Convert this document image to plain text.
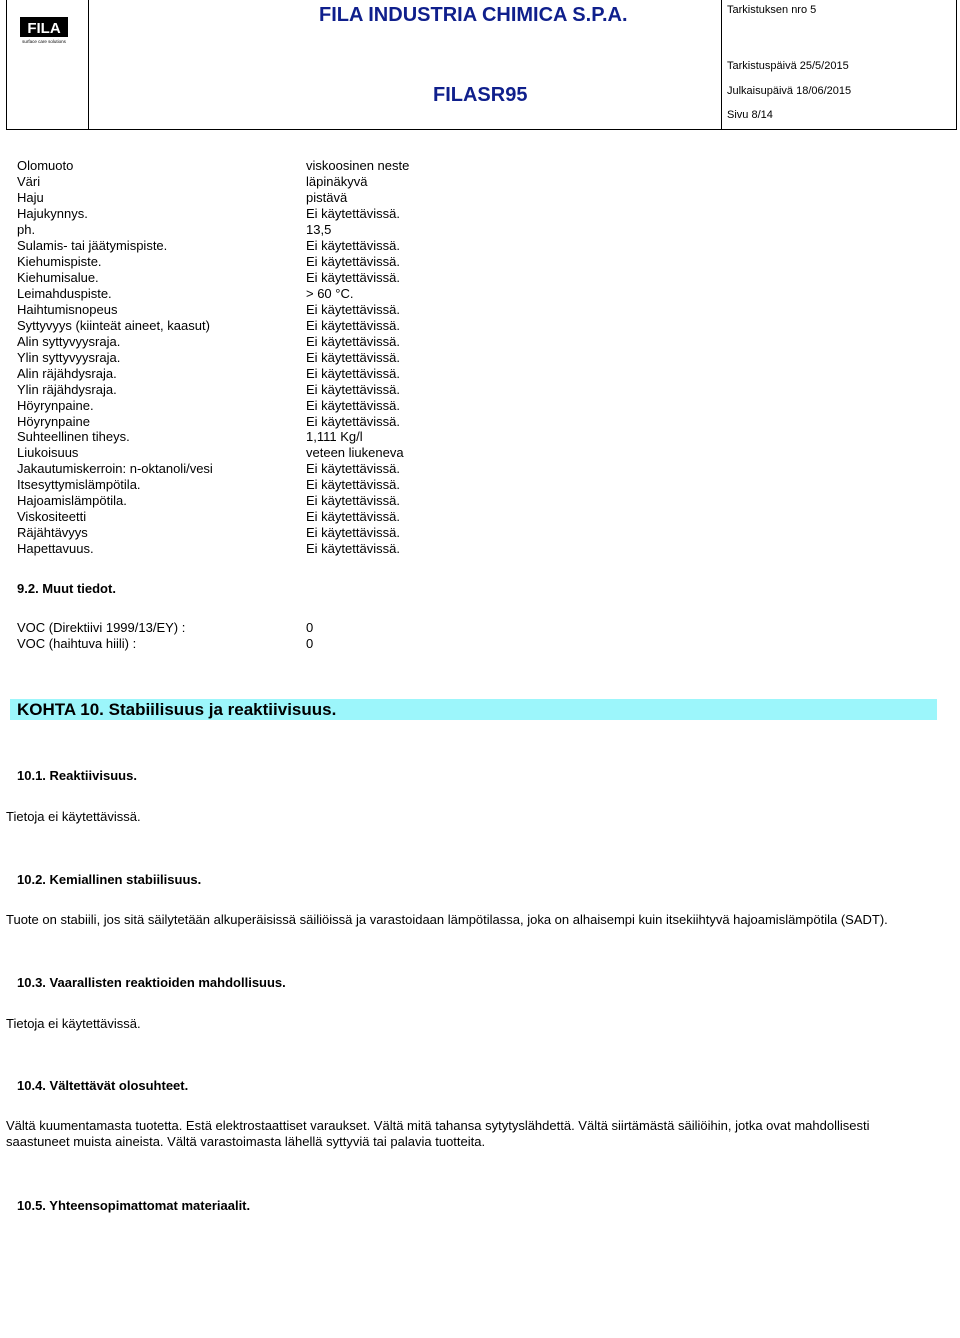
FILA
surface care solutions
FILA INDUSTRIA CHIMICA S.P.A.
FILASR95
Tarkistuksen nro 5
Tarkistuspäivä 25/5/2015
Julkaisupäivä 18/06/2015
Sivu 8/14
Olomuoto	viskoosinen neste
Väri	läpinäkyvä
Haju	pistävä
Hajukynnys.	Ei käytettävissä.
ph.	13,5
Sulamis- tai jäätymispiste.	Ei käytettävissä.
Kiehumispiste.	Ei käytettävissä.
Kiehumisalue.	Ei käytettävissä.
Leimahduspiste.	> 60 °C.
Haihtumisnopeus	Ei käytettävissä.
Syttyvyys (kiinteät aineet, kaasut)	Ei käytettävissä.
Alin syttyvyysraja.	Ei käytettävissä.
Ylin syttyvyysraja.	Ei käytettävissä.
Alin räjähdysraja.	Ei käytettävissä.
Ylin räjähdysraja.	Ei käytettävissä.
Höyrynpaine.	Ei käytettävissä.
Höyrynpaine	Ei käytettävissä.
Suhteellinen tiheys.	1,111 Kg/l
Liukoisuus	veteen liukeneva
Jakautumiskerroin: n-oktanoli/vesi	Ei käytettävissä.
Itsesyttymislämpötila.	Ei käytettävissä.
Hajoamislämpötila.	Ei käytettävissä.
Viskositeetti	Ei käytettävissä.
Räjähtävyys	Ei käytettävissä.
Hapettavuus.	Ei käytettävissä.
9.2. Muut tiedot.
VOC (Direktiivi 1999/13/EY) :	0
VOC (haihtuva hiili) :	0
KOHTA 10. Stabiilisuus ja reaktiivisuus.
10.1. Reaktiivisuus.
Tietoja ei käytettävissä.
10.2. Kemiallinen stabiilisuus.
Tuote on stabiili, jos sitä säilytetään alkuperäisissä säiliöissä ja varastoidaan lämpötilassa, joka on alhaisempi kuin itsekiihtyvä hajoamislämpötila (SADT).
10.3. Vaarallisten reaktioiden mahdollisuus.
Tietoja ei käytettävissä.
10.4. Vältettävät olosuhteet.
Vältä kuumentamasta tuotetta. Estä elektrostaattiset varaukset. Vältä mitä tahansa sytytyslähdettä. Vältä siirtämästä säiliöihin, jotka ovat mahdollisesti
saastuneet muista aineista. Vältä varastoimasta lähellä syttyviä tai palavia tuotteita.
10.5. Yhteensopimattomat materiaalit.
